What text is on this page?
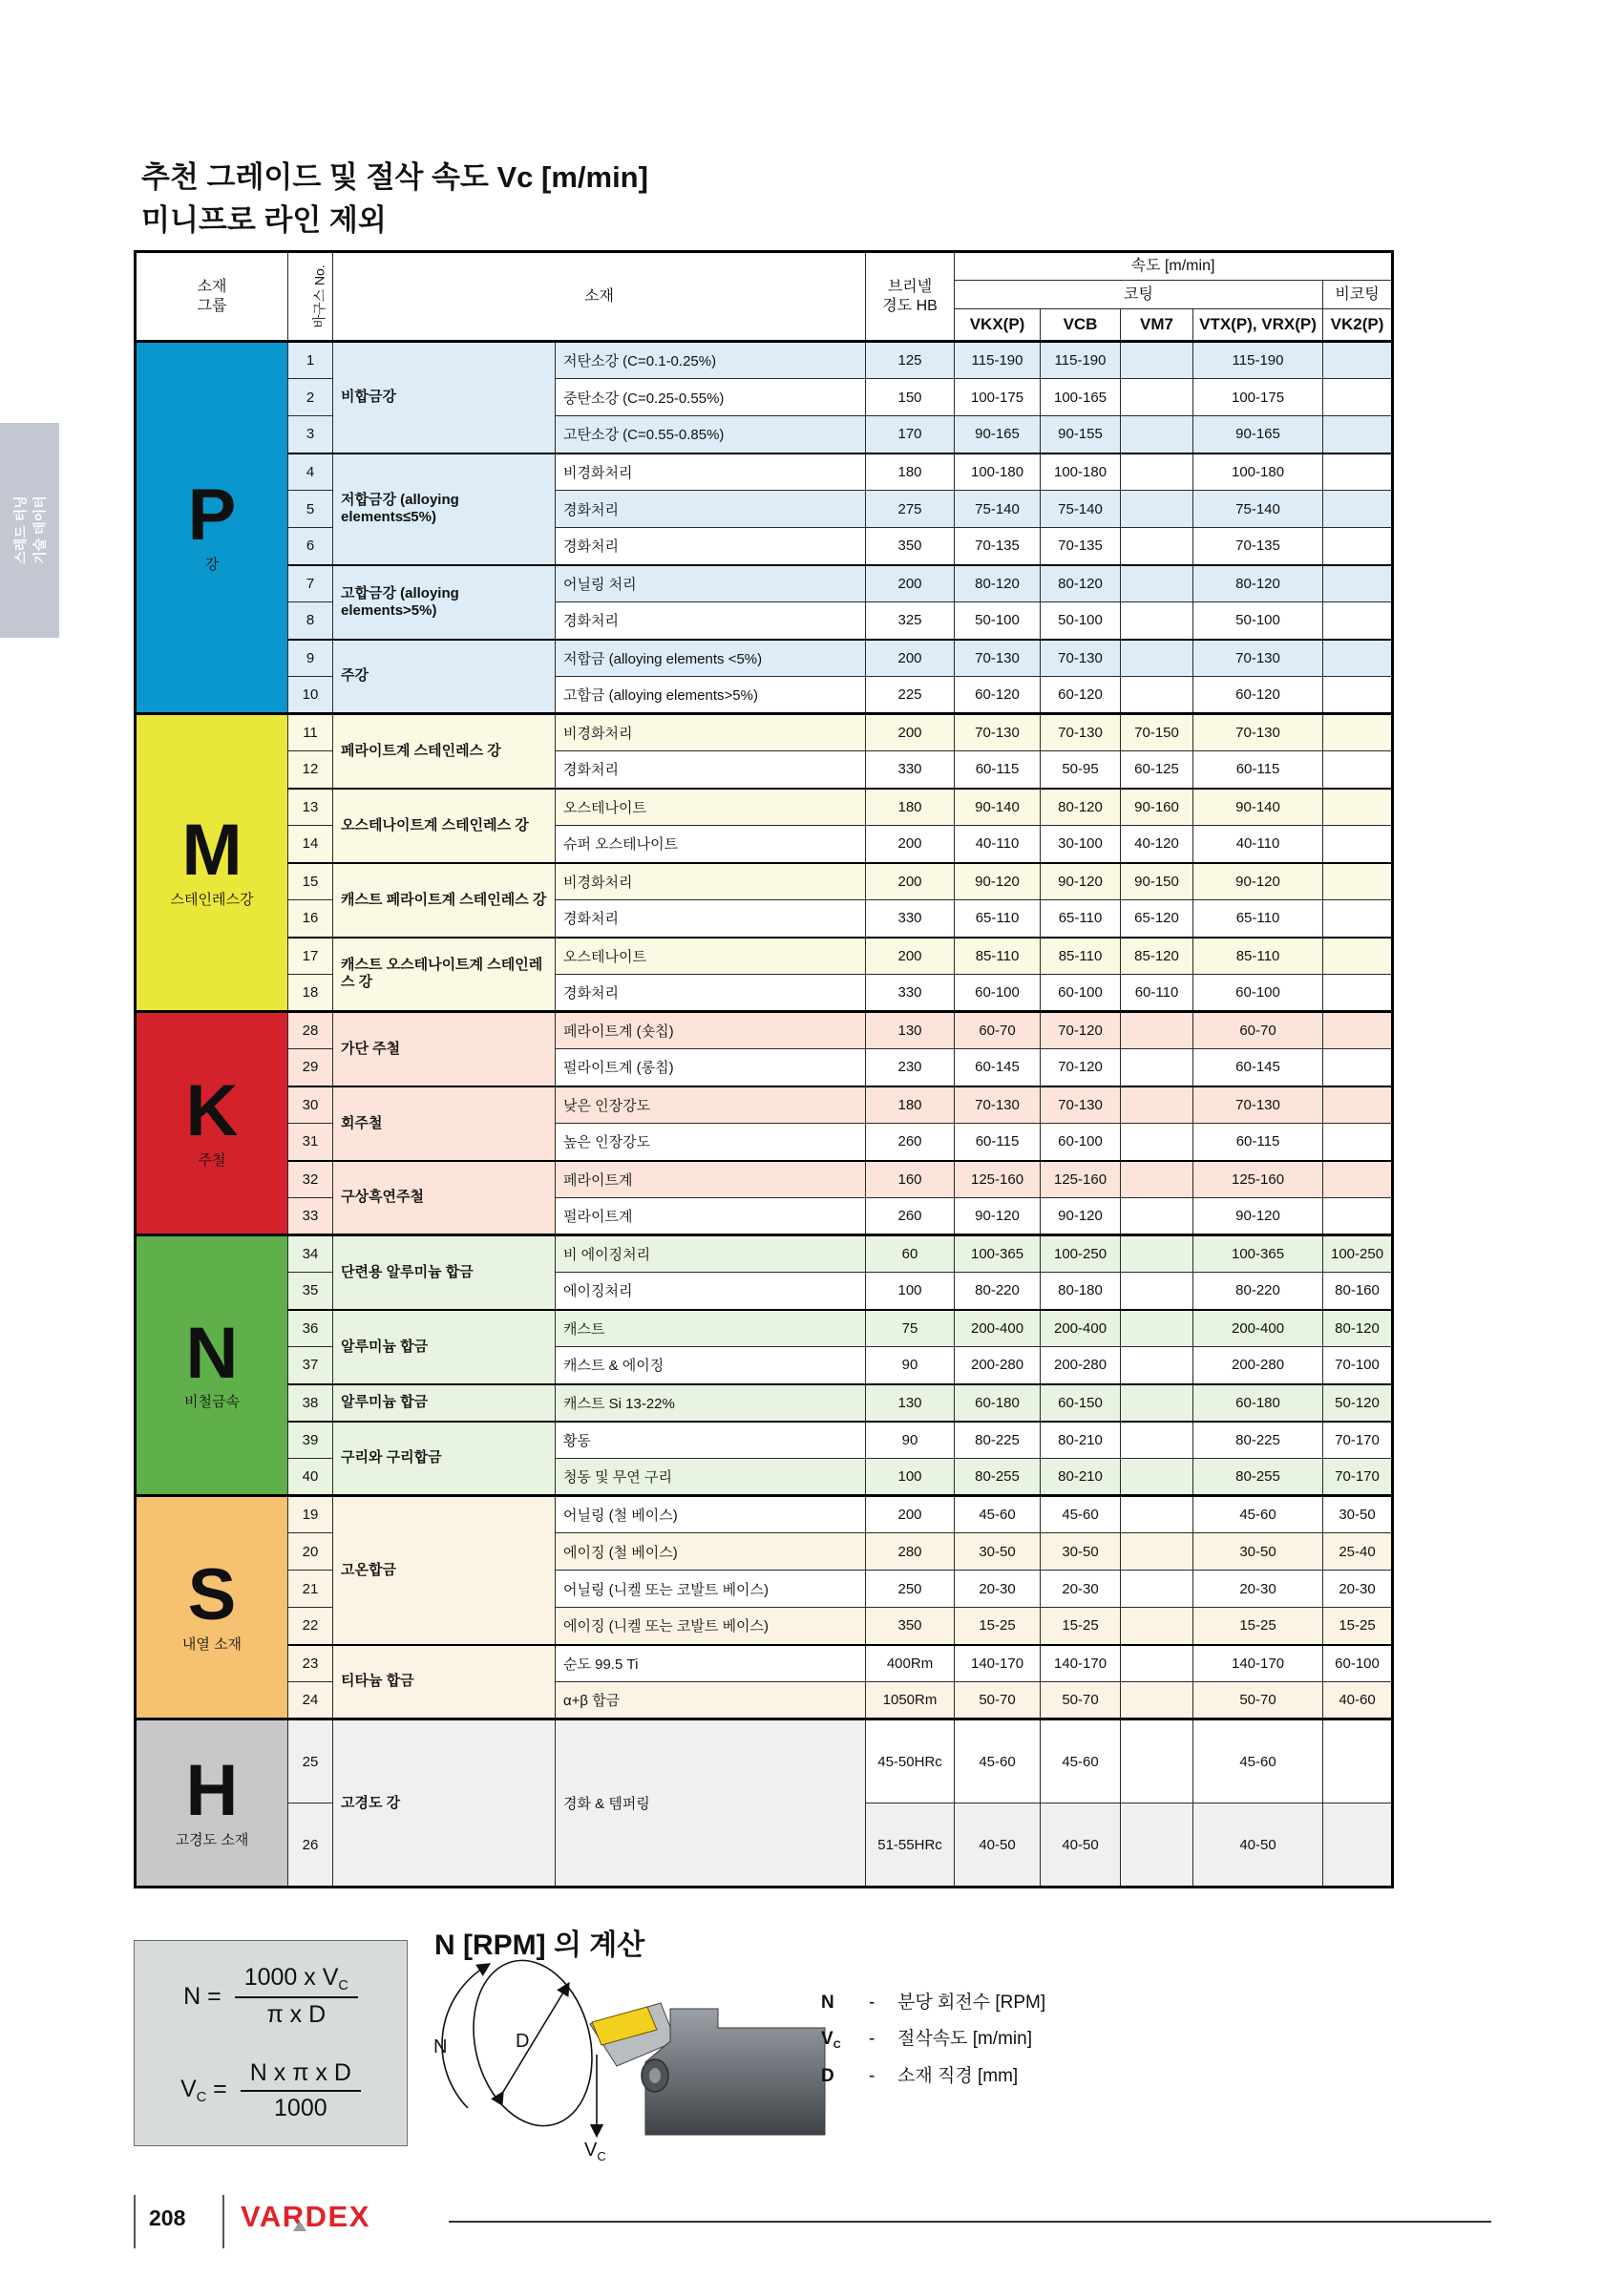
스레드 터닝 기술 데이터
추천 그레이드 및 절삭 속도 Vc [m/min]
미니프로 라인 제외
소재
그룹	바구스 No.	소재		브리넬
경도 HB	속도 [m/min]				
					코팅				비코팅
					VKX(P)	VCB	VM7	VTX(P), VRX(P)	VK2(P)

P
강	1	비합금강	저탄소강 (C=0.1-0.25%)	125	115-190	115-190		115-190	
	2		중탄소강 (C=0.25-0.55%)	150	100-175	100-165		100-175	
	3		고탄소강 (C=0.55-0.85%)	170	90-165	90-155		90-165	
	4	저합금강 (alloying elements≤5%)	비경화처리	180	100-180	100-180		100-180	
	5		경화처리	275	75-140	75-140		75-140	
	6		경화처리	350	70-135	70-135		70-135	
	7	고합금강 (alloying elements>5%)	어닐링 처리	200	80-120	80-120		80-120	
	8		경화처리	325	50-100	50-100		50-100	
	9	주강	저합금 (alloying elements <5%)	200	70-130	70-130		70-130	
	10		고합금 (alloying elements>5%)	225	60-120	60-120		60-120	

M
스테인레스강	11	페라이트계 스테인레스 강	비경화처리	200	70-130	70-130	70-150	70-130	
	12		경화처리	330	60-115	50-95	60-125	60-115	
	13	오스테나이트계 스테인레스 강	오스테나이트	180	90-140	80-120	90-160	90-140	
	14		슈퍼 오스테나이트	200	40-110	30-100	40-120	40-110	
	15	캐스트 페라이트계 스테인레스 강	비경화처리	200	90-120	90-120	90-150	90-120	
	16		경화처리	330	65-110	65-110	65-120	65-110	
	17	캐스트 오스테나이트계 스테인레스 강	오스테나이트	200	85-110	85-110	85-120	85-110	
	18		경화처리	330	60-100	60-100	60-110	60-100	

K
주철	28	가단 주철	페라이트계 (숏칩)	130	60-70	70-120		60-70	
	29		펄라이트계 (롱칩)	230	60-145	70-120		60-145	
	30	회주철	낮은 인장강도	180	70-130	70-130		70-130	
	31		높은 인장강도	260	60-115	60-100		60-115	
	32	구상흑연주철	페라이트계	160	125-160	125-160		125-160	
	33		펄라이트계	260	90-120	90-120		90-120	

N
비철금속	34	단련용 알루미늄 합금	비 에이징처리	60	100-365	100-250		100-365	100-250
	35		에이징처리	100	80-220	80-180		80-220	80-160
	36	알루미늄 합금	캐스트	75	200-400	200-400		200-400	80-120
	37		캐스트 & 에이징	90	200-280	200-280		200-280	70-100
	38	알루미늄 합금	캐스트 Si 13-22%	130	60-180	60-150		60-180	50-120
	39	구리와 구리합금	황동	90	80-225	80-210		80-225	70-170
	40		청동 및 무연 구리	100	80-255	80-210		80-255	70-170

S
내열 소재	19	고온합금	어닐링 (철 베이스)	200	45-60	45-60		45-60	30-50
	20		에이징 (철 베이스)	280	30-50	30-50		30-50	25-40
	21		어닐링 (니켈 또는 코발트 베이스)	250	20-30	20-30		20-30	20-30
	22		에이징 (니켈 또는 코발트 베이스)	350	15-25	15-25		15-25	15-25
	23	티타늄 합금	순도 99.5 Ti	400Rm	140-170	140-170		140-170	60-100
	24		α+β 합금	1050Rm	50-70	50-70		50-70	40-60

H
고경도 소재	25	고경도 강	경화 & 템퍼링	45-50HRc	45-60	45-60		45-60	
	26			51-55HRc	40-50	40-50		40-50	
$N = \frac{1000 x V_C}{\text{π x D}}$
$V_C = \frac{\text{N x π x D}}{1000}$
N [RPM] 의 계산
N	D
$V_C$
N	-	분당 회전수 [RPM]
$V_C$	-	절삭속도 [m/min]
D	-	소재 직경 [mm]
208 VARDEX
